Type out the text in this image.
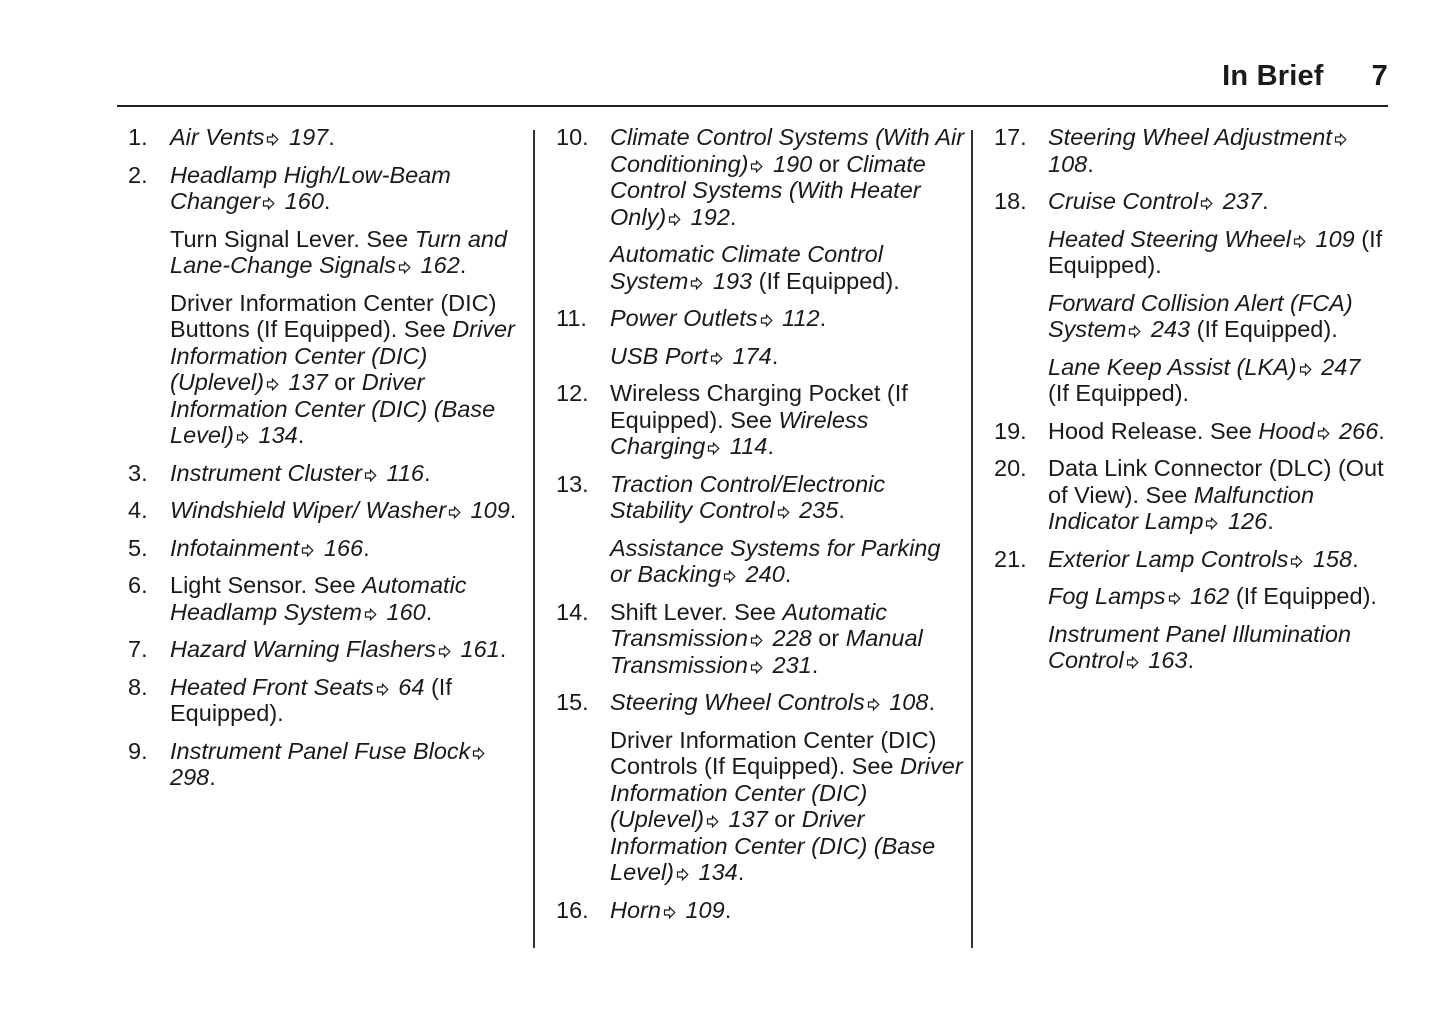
In Brief 7
1. Air Vents
197.
2. Headlamp High/Low-Beam Changer
160.
Turn Signal Lever. See Turn and Lane-Change Signals
162.
Driver Information Center (DIC) Buttons (If Equipped). See Driver Information Center (DIC) (Uplevel)
137 or Driver Information Center (DIC) (Base Level)
134.
3. Instrument Cluster
116.
4. Windshield Wiper/ Washer
109.
5. Infotainment
166.
6. Light Sensor. See Automatic Headlamp System
160.
7. Hazard Warning Flashers
161.
8. Heated Front Seats
64 (If Equipped).
9. Instrument Panel Fuse Block
298.
10. Climate Control Systems (With Air Conditioning)
190 or Climate Control Systems (With Heater Only)
192.
Automatic Climate Control System
193 (If Equipped).
11. Power Outlets
112.
USB Port
174.
12. Wireless Charging Pocket (If Equipped). See Wireless Charging
114.
13. Traction Control/Electronic Stability Control
235.
Assistance Systems for Parking or Backing
240.
14. Shift Lever. See Automatic Transmission
228 or Manual Transmission
231.
15. Steering Wheel Controls
108.
Driver Information Center (DIC) Controls (If Equipped). See Driver Information Center (DIC) (Uplevel)
137 or Driver Information Center (DIC) (Base Level)
134.
16. Horn
109.
17. Steering Wheel Adjustment
108.
18. Cruise Control
237.
Heated Steering Wheel
109 (If Equipped).
Forward Collision Alert (FCA) System
243 (If Equipped).
Lane Keep Assist (LKA)
247 (If Equipped).
19. Hood Release. See Hood
266.
20. Data Link Connector (DLC) (Out of View). See Malfunction Indicator Lamp
126.
21. Exterior Lamp Controls
158.
Fog Lamps
162 (If Equipped).
Instrument Panel Illumination Control
163.
